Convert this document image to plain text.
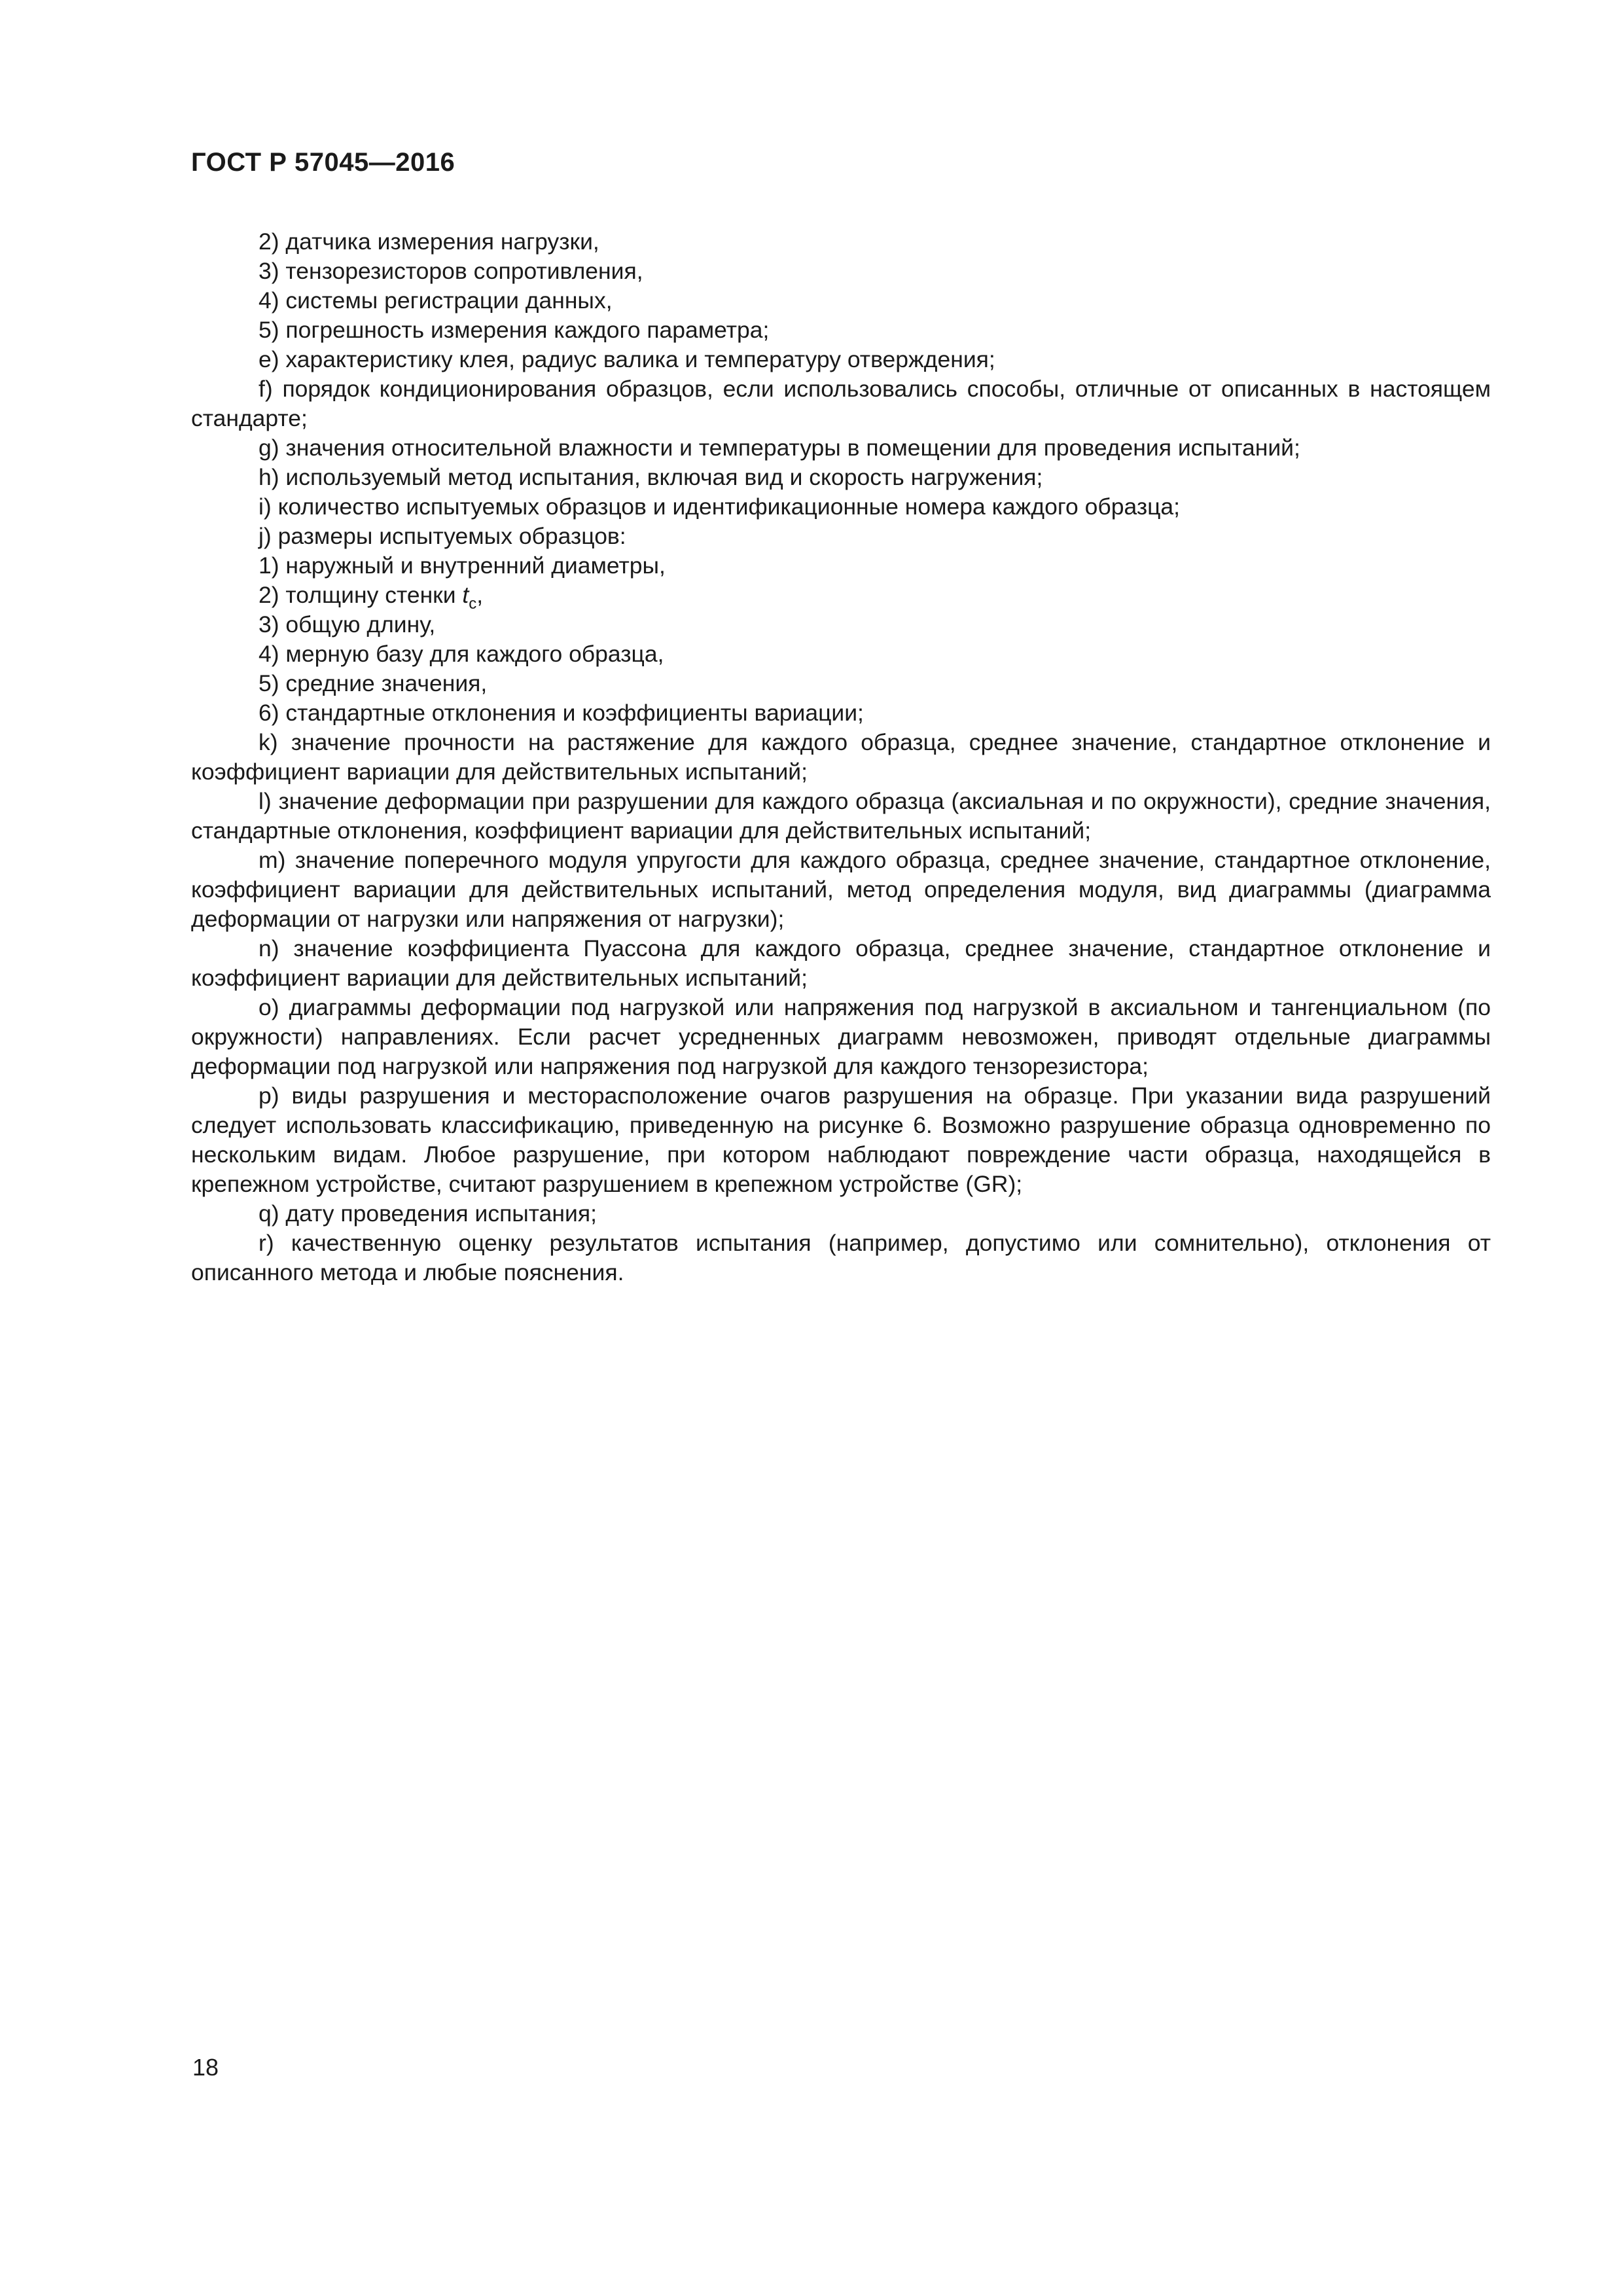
ГОСТ Р 57045—2016

2) датчика измерения нагрузки,

3) тензорезисторов сопротивления,

4) системы регистрации данных,

5) погрешность измерения каждого параметра;

e) характеристику клея, радиус валика и температуру отверждения;

f) порядок кондиционирования образцов, если использовались способы, отличные от описанных в настоящем стандарте;

g) значения относительной влажности и температуры в помещении для проведения испытаний;

h) используемый метод испытания, включая вид и скорость нагружения;

i) количество испытуемых образцов и идентификационные номера каждого образца;

j) размеры испытуемых образцов:

1) наружный и внутренний диаметры,

2) толщину стенки $t_c$,

3) общую длину,

4) мерную базу для каждого образца,

5) средние значения,

6) стандартные отклонения и коэффициенты вариации;

k) значение прочности на растяжение для каждого образца, среднее значение, стандартное отклонение и коэффициент вариации для действительных испытаний;

l) значение деформации при разрушении для каждого образца (аксиальная и по окружности), средние значения, стандартные отклонения, коэффициент вариации для действительных испытаний;

m) значение поперечного модуля упругости для каждого образца, среднее значение, стандартное отклонение, коэффициент вариации для действительных испытаний, метод определения модуля, вид диаграммы (диаграмма деформации от нагрузки или напряжения от нагрузки);

n) значение коэффициента Пуассона для каждого образца, среднее значение, стандартное отклонение и коэффициент вариации для действительных испытаний;

o) диаграммы деформации под нагрузкой или напряжения под нагрузкой в аксиальном и тангенциальном (по окружности) направлениях. Если расчет усредненных диаграмм невозможен, приводят отдельные диаграммы деформации под нагрузкой или напряжения под нагрузкой для каждого тензорезистора;

p) виды разрушения и месторасположение очагов разрушения на образце. При указании вида разрушений следует использовать классификацию, приведенную на рисунке 6. Возможно разрушение образца одновременно по нескольким видам. Любое разрушение, при котором наблюдают повреждение части образца, находящейся в крепежном устройстве, считают разрушением в крепежном устройстве (GR);

q) дату проведения испытания;

r) качественную оценку результатов испытания (например, допустимо или сомнительно), отклонения от описанного метода и любые пояснения.

18
